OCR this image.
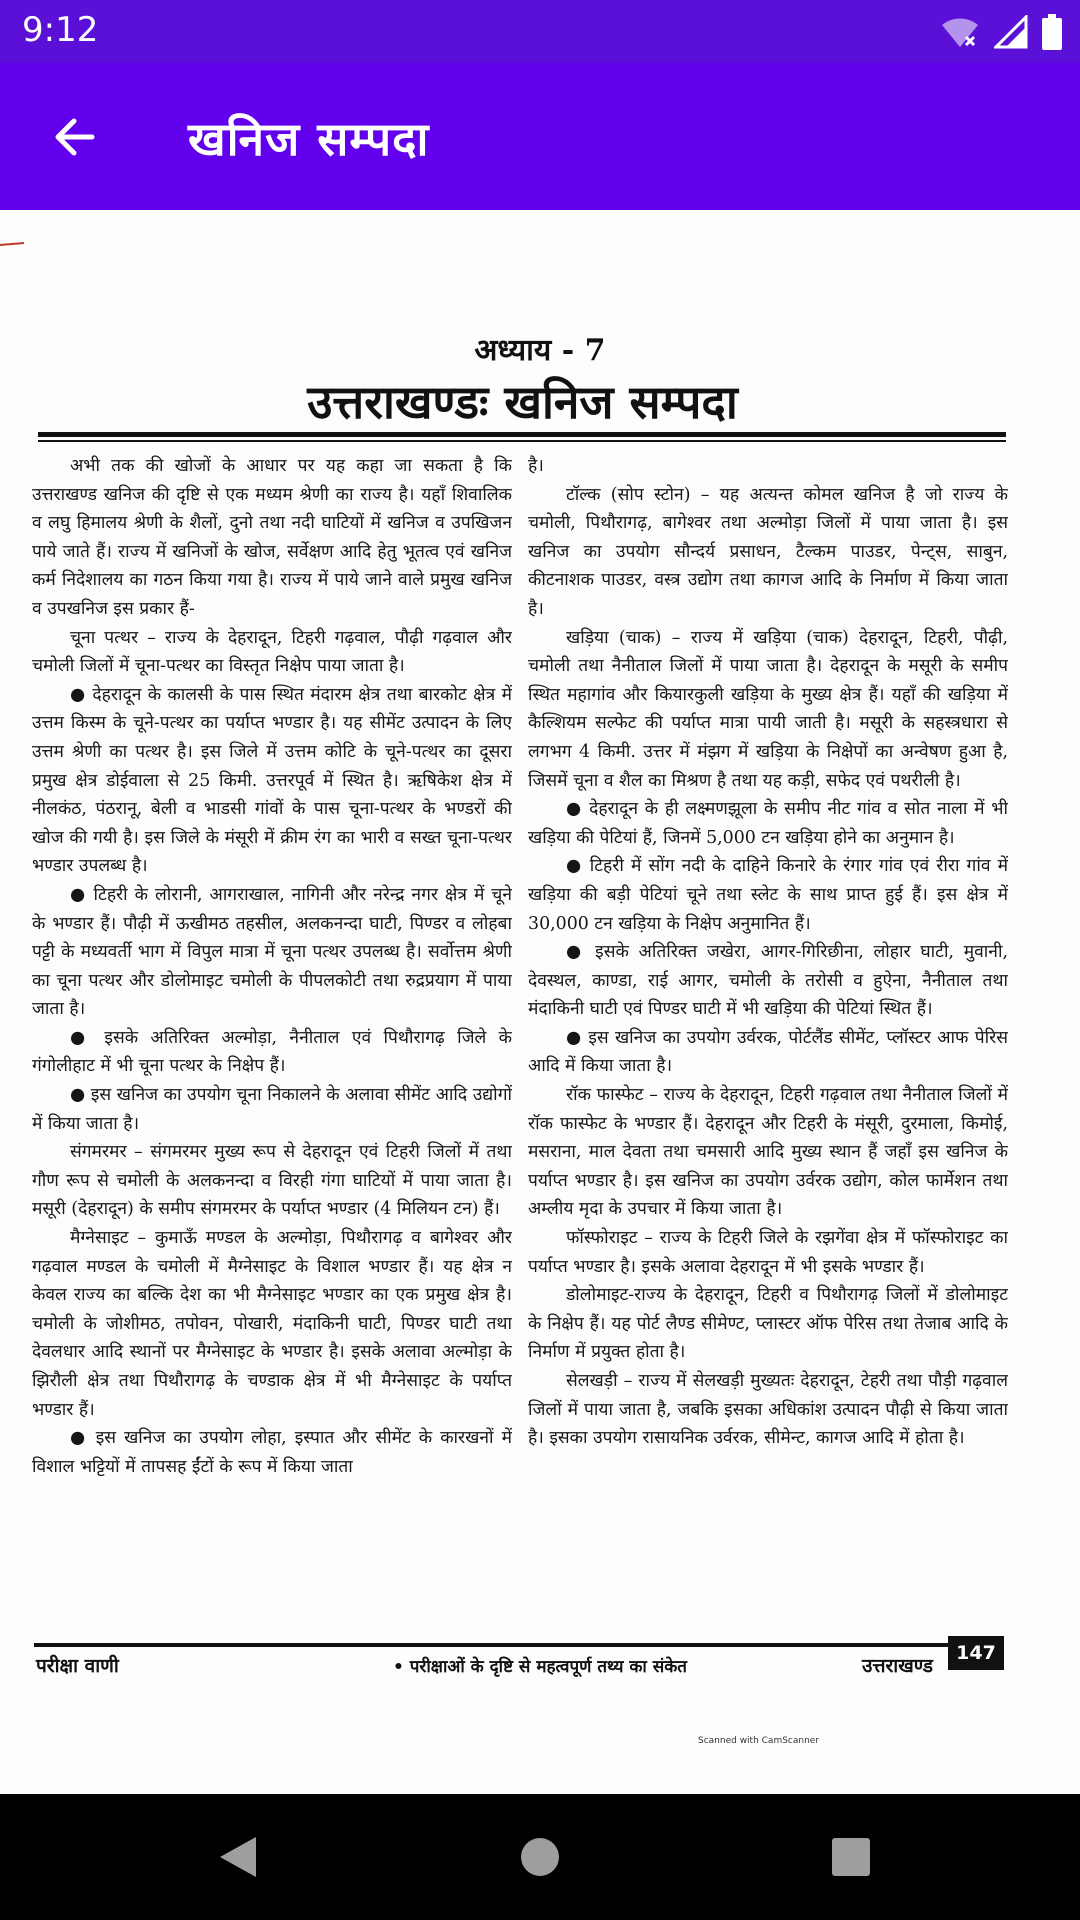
9:12
खनिज सम्पदा
अध्याय - 7
उत्तराखण्डः खनिज सम्पदा

अभी तक की खोजों के आधार पर यह कहा जा सकता है कि उत्तराखण्ड खनिज की दृष्टि से एक मध्यम श्रेणी का राज्य है। यहाँ शिवालिक व लघु हिमालय श्रेणी के शैलों, दुनो तथा नदी घाटियों में खनिज व उपखिजन पाये जाते हैं। राज्य में खनिजों के खोज, सर्वेक्षण आदि हेतु भूतत्व एवं खनिज कर्म निदेशालय का गठन किया गया है। राज्य में पाये जाने वाले प्रमुख खनिज व उपखनिज इस प्रकार हैं-

चूना पत्थर – राज्य के देहरादून, टिहरी गढ़वाल, पौढ़ी गढ़वाल और चमोली जिलों में चूना-पत्थर का विस्तृत निक्षेप पाया जाता है।

● देहरादून के कालसी के पास स्थित मंदारम क्षेत्र तथा बारकोट क्षेत्र में उत्तम किस्म के चूने-पत्थर का पर्याप्त भण्डार है। यह सीमेंट उत्पादन के लिए उत्तम श्रेणी का पत्थर है। इस जिले में उत्तम कोटि के चूने-पत्थर का दूसरा प्रमुख क्षेत्र डोईवाला से 25 किमी. उत्तरपूर्व में स्थित है। ऋषिकेश क्षेत्र में नीलकंठ, पंठरानू, बेली व भाडसी गांवों के पास चूना-पत्थर के भण्डरों की खोज की गयी है। इस जिले के मंसूरी में क्रीम रंग का भारी व सख्त चूना-पत्थर भण्डार उपलब्ध है।

● टिहरी के लोरानी, आगराखाल, नागिनी और नरेन्द्र नगर क्षेत्र में चूने के भण्डार हैं। पौढ़ी में ऊखीमठ तहसील, अलकनन्दा घाटी, पिण्डर व लोहबा पट्टी के मध्यवर्ती भाग में विपुल मात्रा में चूना पत्थर उपलब्ध है। सर्वोत्तम श्रेणी का चूना पत्थर और डोलोमाइट चमोली के पीपलकोटी तथा रुद्रप्रयाग में पाया जाता है।

● इसके अतिरिक्त अल्मोड़ा, नैनीताल एवं पिथौरागढ़ जिले के गंगोलीहाट में भी चूना पत्थर के निक्षेप हैं।

● इस खनिज का उपयोग चूना निकालने के अलावा सीमेंट आदि उद्योगों में किया जाता है।

संगमरमर – संगमरमर मुख्य रूप से देहरादून एवं टिहरी जिलों में तथा गौण रूप से चमोली के अलकनन्दा व विरही गंगा घाटियों में पाया जाता है। मसूरी (देहरादून) के समीप संगमरमर के पर्याप्त भण्डार (4 मिलियन टन) हैं।

मैग्नेसाइट – कुमाऊँ मण्डल के अल्मोड़ा, पिथौरागढ़ व बागेश्वर और गढ़वाल मण्डल के चमोली में मैग्नेसाइट के विशाल भण्डार हैं। यह क्षेत्र न केवल राज्य का बल्कि देश का भी मैग्नेसाइट भण्डार का एक प्रमुख क्षेत्र है। चमोली के जोशीमठ, तपोवन, पोखारी, मंदाकिनी घाटी, पिण्डर घाटी तथा देवलधार आदि स्थानों पर मैग्नेसाइट के भण्डार है। इसके अलावा अल्मोड़ा के झिरौली क्षेत्र तथा पिथौरागढ़ के चण्डाक क्षेत्र में भी मैग्नेसाइट के पर्याप्त भण्डार हैं।

● इस खनिज का उपयोग लोहा, इस्पात और सीमेंट के कारखनों में विशाल भट्टियों में तापसह ईंटों के रूप में किया जाता

है।

टॉल्क (सोप स्टोन) – यह अत्यन्त कोमल खनिज है जो राज्य के चमोली, पिथौरागढ़, बागेश्वर तथा अल्मोड़ा जिलों में पाया जाता है। इस खनिज का उपयोग सौन्दर्य प्रसाधन, टैल्कम पाउडर, पेन्ट्स, साबुन, कीटनाशक पाउडर, वस्त्र उद्योग तथा कागज आदि के निर्माण में किया जाता है।

खड़िया (चाक) – राज्य में खड़िया (चाक) देहरादून, टिहरी, पौढ़ी, चमोली तथा नैनीताल जिलों में पाया जाता है। देहरादून के मसूरी के समीप स्थित महागांव और कियारकुली खड़िया के मुख्य क्षेत्र हैं। यहाँ की खड़िया में कैल्शियम सल्फेट की पर्याप्त मात्रा पायी जाती है। मसूरी के सहस्त्रधारा से लगभग 4 किमी. उत्तर में मंझग में खड़िया के निक्षेपों का अन्वेषण हुआ है, जिसमें चूना व शैल का मिश्रण है तथा यह कड़ी, सफेद एवं पथरीली है।

● देहरादून के ही लक्ष्मणझूला के समीप नीट गांव व सोत नाला में भी खड़िया की पेटियां हैं, जिनमें 5,000 टन खड़िया होने का अनुमान है।

● टिहरी में सोंग नदी के दाहिने किनारे के रंगार गांव एवं रीरा गांव में खड़िया की बड़ी पेटियां चूने तथा स्लेट के साथ प्राप्त हुई हैं। इस क्षेत्र में 30,000 टन खड़िया के निक्षेप अनुमानित हैं।

● इसके अतिरिक्त जखेरा, आगर-गिरिछीना, लोहार घाटी, मुवानी, देवस्थल, काण्डा, राई आगर, चमोली के तरोसी व हुऐना, नैनीताल तथा मंदाकिनी घाटी एवं पिण्डर घाटी में भी खड़िया की पेटियां स्थित हैं।

● इस खनिज का उपयोग उर्वरक, पोर्टलैंड सीमेंट, प्लॉस्टर आफ पेरिस आदि में किया जाता है।

रॉक फास्फेट – राज्य के देहरादून, टिहरी गढ़वाल तथा नैनीताल जिलों में रॉक फास्फेट के भण्डार हैं। देहरादून और टिहरी के मंसूरी, दुरमाला, किमोई, मसराना, माल देवता तथा चमसारी आदि मुख्य स्थान हैं जहाँ इस खनिज के पर्याप्त भण्डार है। इस खनिज का उपयोग उर्वरक उद्योग, कोल फार्मेशन तथा अम्लीय मृदा के उपचार में किया जाता है।

फॉस्फोराइट – राज्य के टिहरी जिले के रझगेंवा क्षेत्र में फॉस्फोराइट का पर्याप्त भण्डार है। इसके अलावा देहरादून में भी इसके भण्डार हैं।

डोलोमाइट-राज्य के देहरादून, टिहरी व पिथौरागढ़ जिलों में डोलोमाइट के निक्षेप हैं। यह पोर्ट लैण्ड सीमेण्ट, प्लास्टर ऑफ पेरिस तथा तेजाब आदि के निर्माण में प्रयुक्त होता है।

सेलखड़ी – राज्य में सेलखड़ी मुख्यतः देहरादून, टेहरी तथा पौड़ी गढ़वाल जिलों में पाया जाता है, जबकि इसका अधिकांश उत्पादन पौढ़ी से किया जाता है। इसका उपयोग रासायनिक उर्वरक, सीमेन्ट, कागज आदि में होता है।

परीक्षा वाणी	• परीक्षाओं के दृष्टि से महत्वपूर्ण तथ्य का संकेत	उत्तराखण्ड
147
Scanned with CamScanner
